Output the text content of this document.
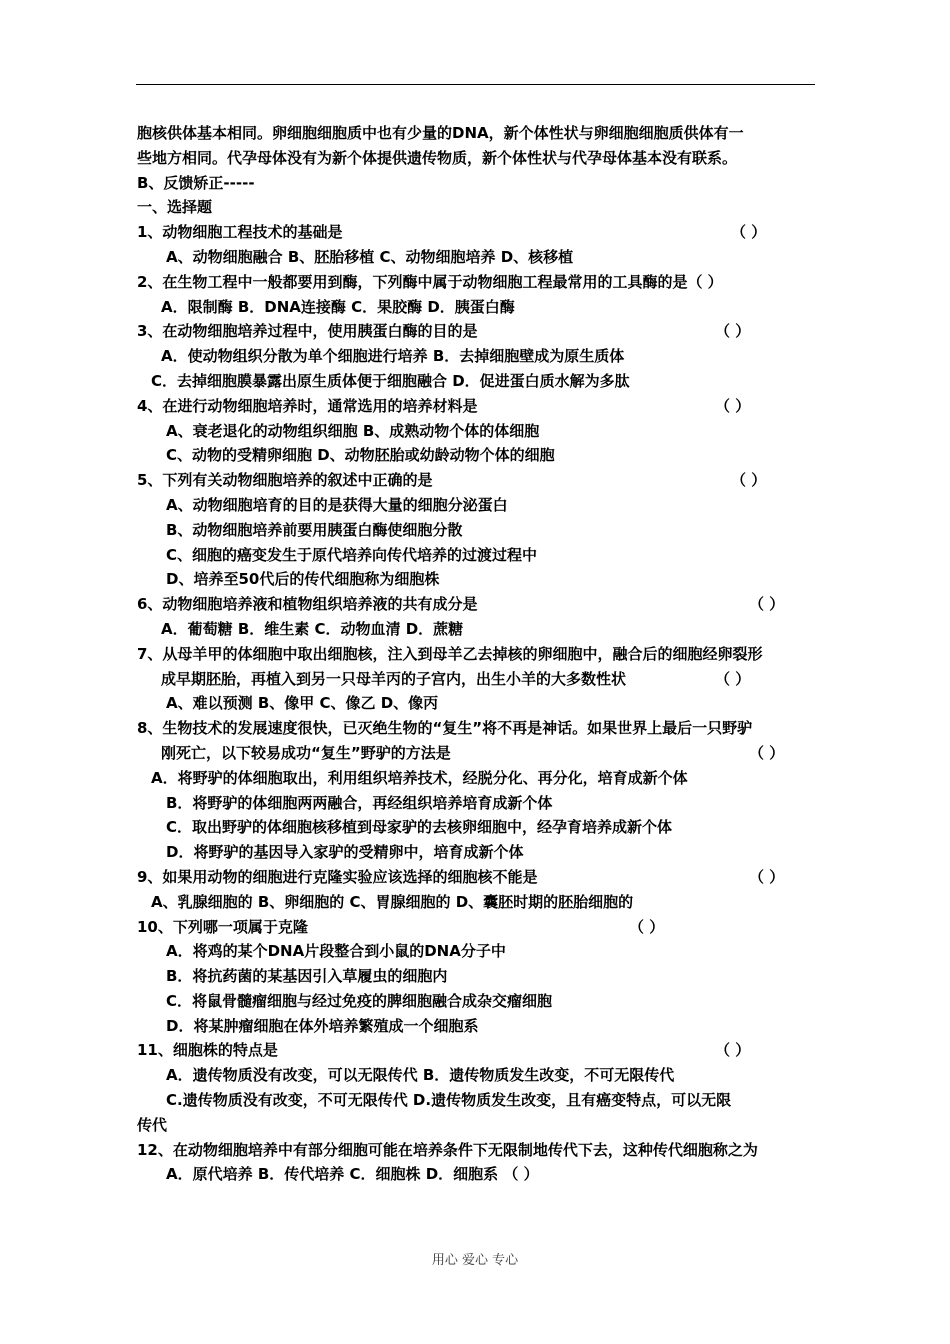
胞核供体基本相同。卵细胞细胞质中也有少量的DNA，新个体性状与卵细胞细胞质供体有一
些地方相同。代孕母体没有为新个体提供遗传物质，新个体性状与代孕母体基本没有联系。
B、反馈矫正-----
一、选择题
1、动物细胞工程技术的基础是	（ ）
A、动物细胞融合 B、胚胎移植 C、动物细胞培养 D、核移植
2、在生物工程中一般都要用到酶，下列酶中属于动物细胞工程最常用的工具酶的是（ ）
A．限制酶 B．DNA连接酶 C．果胶酶 D．胰蛋白酶
3、在动物细胞培养过程中，使用胰蛋白酶的目的是	（ ）
A．使动物组织分散为单个细胞进行培养 B．去掉细胞壁成为原生质体
C．去掉细胞膜暴露出原生质体便于细胞融合 D．促进蛋白质水解为多肽
4、在进行动物细胞培养时，通常选用的培养材料是	（ ）
A、衰老退化的动物组织细胞 B、成熟动物个体的体细胞
C、动物的受精卵细胞 D、动物胚胎或幼龄动物个体的细胞
5、下列有关动物细胞培养的叙述中正确的是	（ ）
A、动物细胞培育的目的是获得大量的细胞分泌蛋白
B、动物细胞培养前要用胰蛋白酶使细胞分散
C、细胞的癌变发生于原代培养向传代培养的过渡过程中
D、培养至50代后的传代细胞称为细胞株
6、动物细胞培养液和植物组织培养液的共有成分是	（ ）
A．葡萄糖 B．维生素 C．动物血清 D．蔗糖
7、从母羊甲的体细胞中取出细胞核，注入到母羊乙去掉核的卵细胞中，融合后的细胞经卵裂形
成早期胚胎，再植入到另一只母羊丙的子宫内，出生小羊的大多数性状	（ ）
A、难以预测 B、像甲 C、像乙 D、像丙
8、生物技术的发展速度很快，已灭绝生物的“复生”将不再是神话。如果世界上最后一只野驴
刚死亡，以下较易成功“复生”野驴的方法是	（ ）
A．将野驴的体细胞取出，利用组织培养技术，经脱分化、再分化，培育成新个体
B．将野驴的体细胞两两融合，再经组织培养培育成新个体
C．取出野驴的体细胞核移植到母家驴的去核卵细胞中，经孕育培养成新个体
D．将野驴的基因导入家驴的受精卵中，培育成新个体
9、如果用动物的细胞进行克隆实验应该选择的细胞核不能是	（ ）
A、乳腺细胞的 B、卵细胞的 C、胃腺细胞的 D、囊胚时期的胚胎细胞的
10、下列哪一项属于克隆	（ ）
A．将鸡的某个DNA片段整合到小鼠的DNA分子中
B．将抗药菌的某基因引入草履虫的细胞内
C．将鼠骨髓瘤细胞与经过免疫的脾细胞融合成杂交瘤细胞
D．将某肿瘤细胞在体外培养繁殖成一个细胞系
11、细胞株的特点是	（ ）
A．遗传物质没有改变，可以无限传代 B．遗传物质发生改变，不可无限传代
C.遗传物质没有改变，不可无限传代 D.遗传物质发生改变，且有癌变特点，可以无限
传代
12、在动物细胞培养中有部分细胞可能在培养条件下无限制地传代下去，这种传代细胞称之为
A．原代培养 B．传代培养 C．细胞株 D．细胞系 （ ）
用心 爱心 专心
